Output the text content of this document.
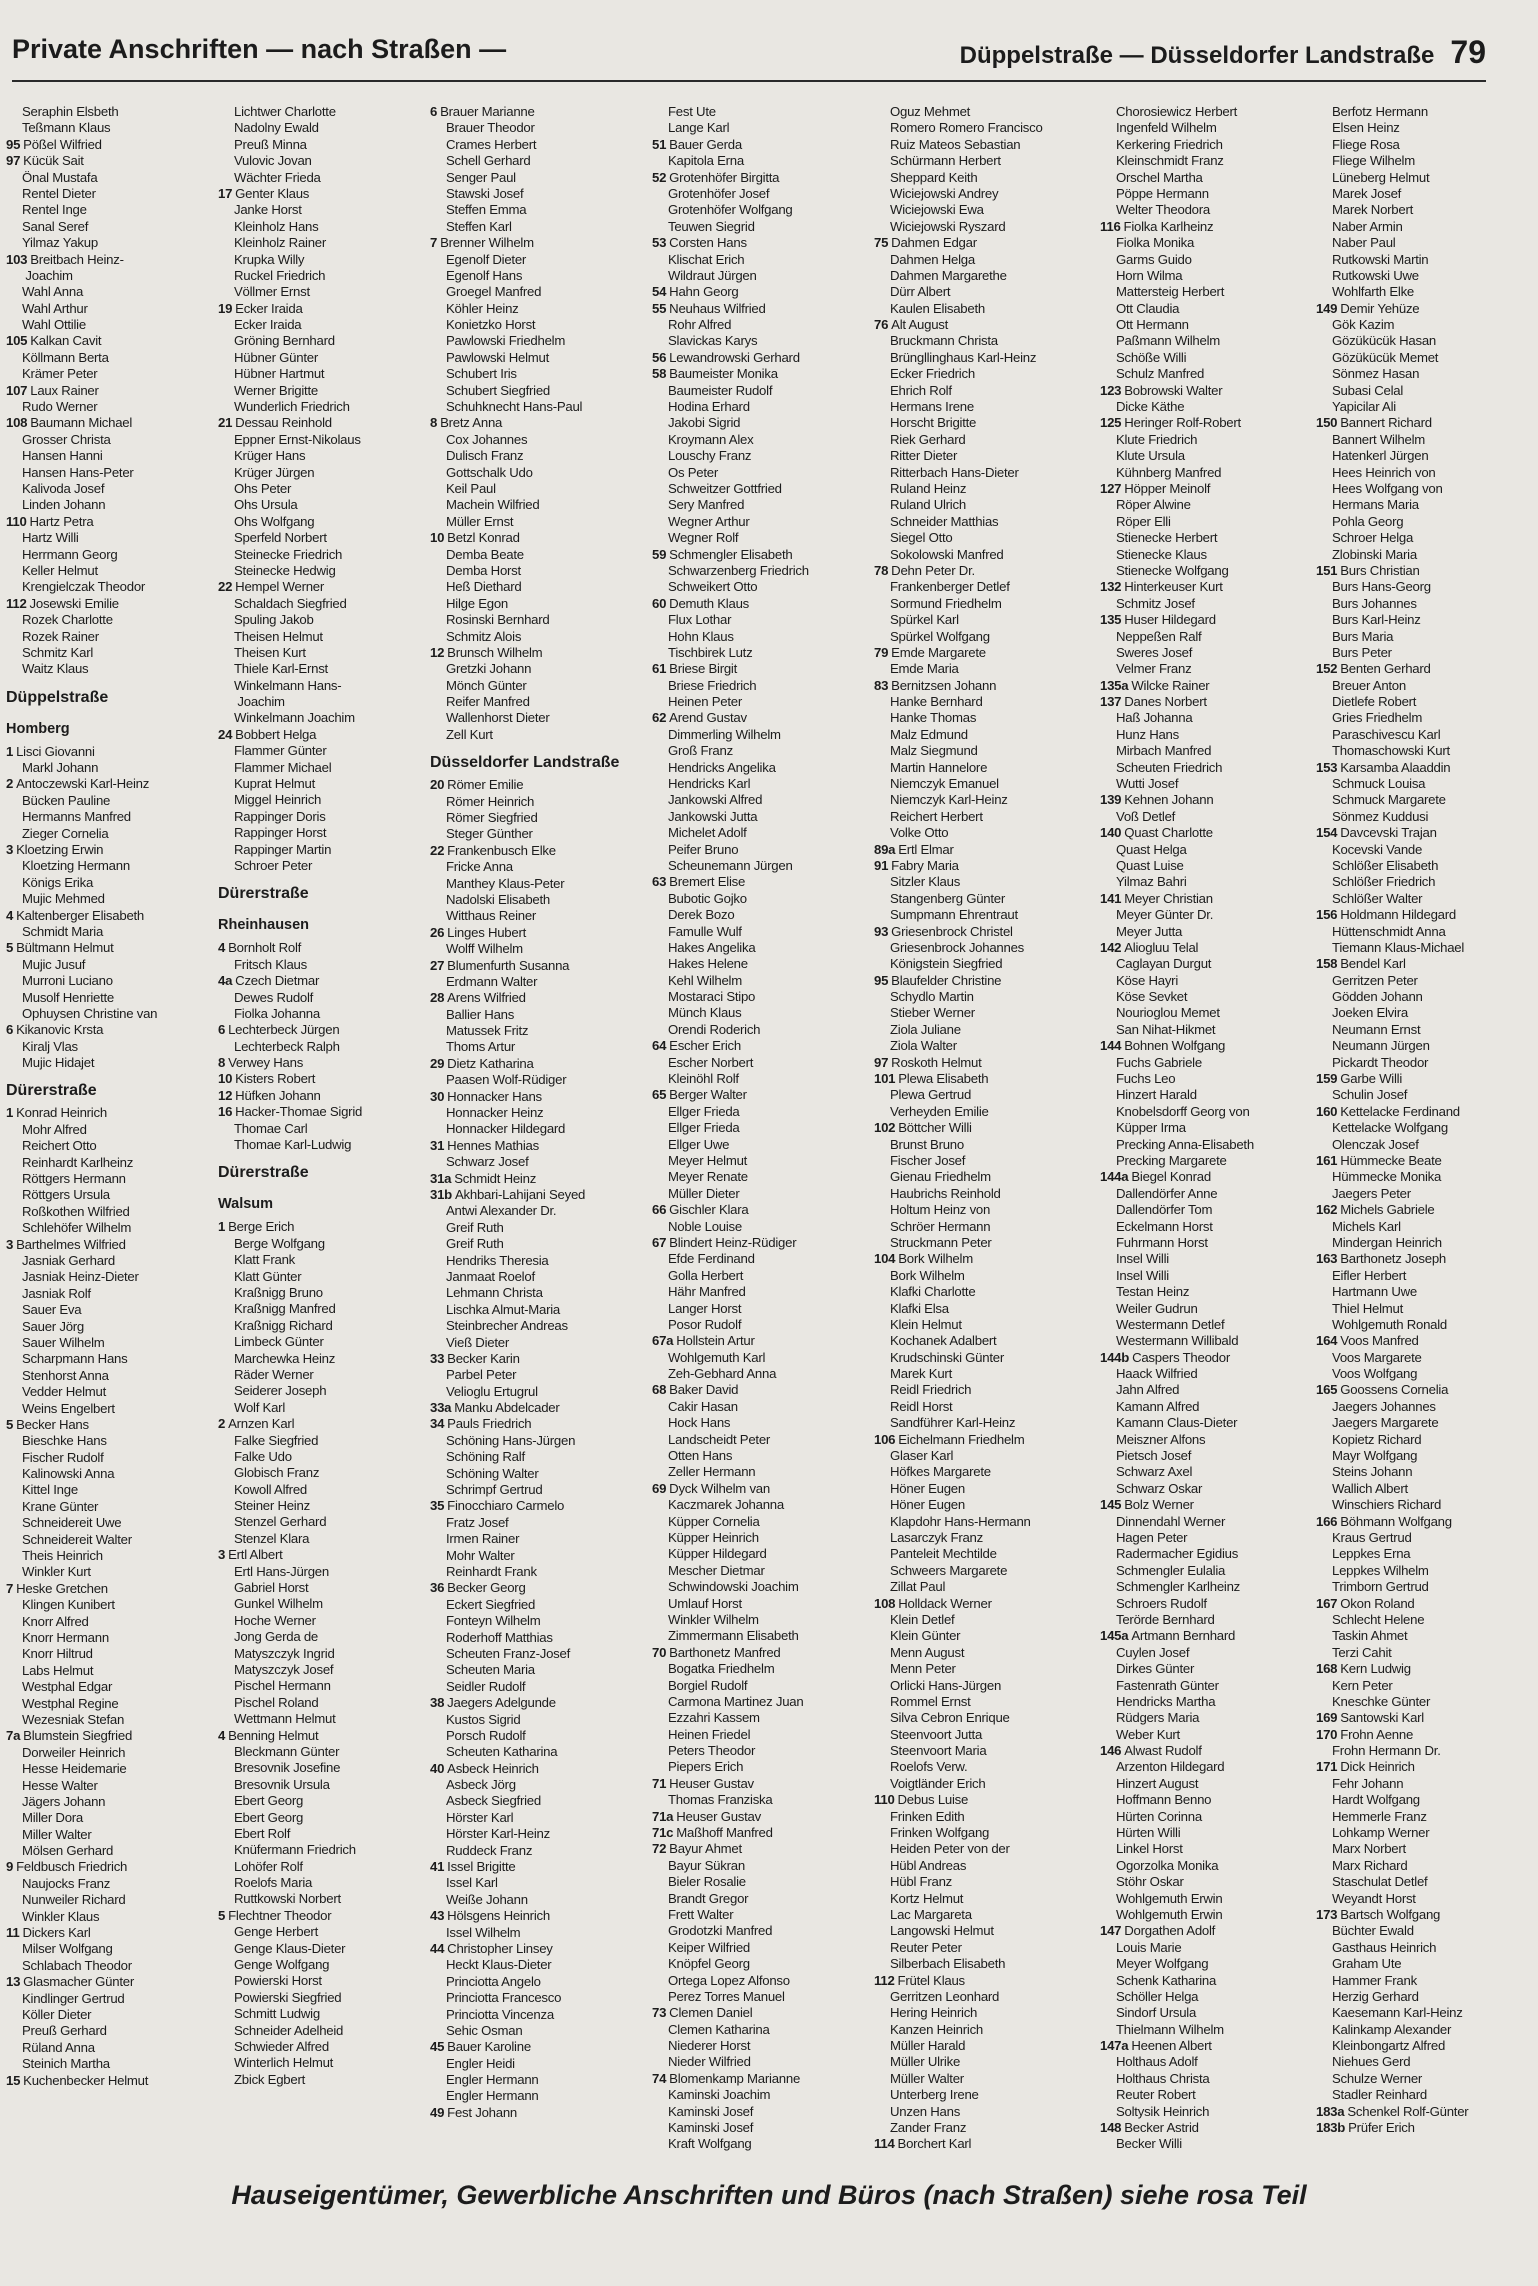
Private Anschriften — nach Straßen —	Düppelstraße — Düsseldorfer Landstraße 79
Seraphin Elsbeth
Teßmann Klaus
95 Pößel Wilfried
97 Kücük Sait
Önal Mustafa
Rentel Dieter
Rentel Inge
Sanal Seref
Yilmaz Yakup
103 Breitbach Heinz-
Joachim
Wahl Anna
Wahl Arthur
Wahl Ottilie
105 Kalkan Cavit
Köllmann Berta
Krämer Peter
107 Laux Rainer
Rudo Werner
108 Baumann Michael
Grosser Christa
Hansen Hanni
Hansen Hans-Peter
Kalivoda Josef
Linden Johann
110 Hartz Petra
Hartz Willi
Herrmann Georg
Keller Helmut
Krengielczak Theodor
112 Josewski Emilie
Rozek Charlotte
Rozek Rainer
Schmitz Karl
Waitz Klaus
Düppelstraße
Homberg
1 Lisci Giovanni
Markl Johann
2 Antoczewski Karl-Heinz
Bücken Pauline
Hermanns Manfred
Zieger Cornelia
3 Kloetzing Erwin
Kloetzing Hermann
Königs Erika
Mujic Mehmed
4 Kaltenberger Elisabeth
Schmidt Maria
5 Bültmann Helmut
Mujic Jusuf
Murroni Luciano
Musolf Henriette
Ophuysen Christine van
6 Kikanovic Krsta
Kiralj Vlas
Mujic Hidajet
Dürerstraße
1 Konrad Heinrich
Mohr Alfred
Reichert Otto
Reinhardt Karlheinz
Röttgers Hermann
Röttgers Ursula
Roßkothen Wilfried
Schlehöfer Wilhelm
3 Barthelmes Wilfried
Jasniak Gerhard
Jasniak Heinz-Dieter
Jasniak Rolf
Sauer Eva
Sauer Jörg
Sauer Wilhelm
Scharpmann Hans
Stenhorst Anna
Vedder Helmut
Weins Engelbert
5 Becker Hans
Bieschke Hans
Fischer Rudolf
Kalinowski Anna
Kittel Inge
Krane Günter
Schneidereit Uwe
Schneidereit Walter
Theis Heinrich
Winkler Kurt
7 Heske Gretchen
Klingen Kunibert
Knorr Alfred
Knorr Hermann
Knorr Hiltrud
Labs Helmut
Westphal Edgar
Westphal Regine
Wezesniak Stefan
7a Blumstein Siegfried
Dorweiler Heinrich
Hesse Heidemarie
Hesse Walter
Jägers Johann
Miller Dora
Miller Walter
Mölsen Gerhard
9 Feldbusch Friedrich
Naujocks Franz
Nunweiler Richard
Winkler Klaus
11 Dickers Karl
Milser Wolfgang
Schlabach Theodor
13 Glasmacher Günter
Kindlinger Gertrud
Köller Dieter
Preuß Gerhard
Rüland Anna
Steinich Martha
15 Kuchenbecker Helmut
Lichtwer Charlotte
Nadolny Ewald
Preuß Minna
Vulovic Jovan
Wächter Frieda
17 Genter Klaus
Janke Horst
Kleinholz Hans
Kleinholz Rainer
Krupka Willy
Ruckel Friedrich
Völlmer Ernst
19 Ecker Iraida
Ecker Iraida
Gröning Bernhard
Hübner Günter
Hübner Hartmut
Werner Brigitte
Wunderlich Friedrich
21 Dessau Reinhold
Eppner Ernst-Nikolaus
Krüger Hans
Krüger Jürgen
Ohs Peter
Ohs Ursula
Ohs Wolfgang
Sperfeld Norbert
Steinecke Friedrich
Steinecke Hedwig
22 Hempel Werner
Schaldach Siegfried
Spuling Jakob
Theisen Helmut
Theisen Kurt
Thiele Karl-Ernst
Winkelmann Hans-
Joachim
Winkelmann Joachim
24 Bobbert Helga
Flammer Günter
Flammer Michael
Kuprat Helmut
Miggel Heinrich
Rappinger Doris
Rappinger Horst
Rappinger Martin
Schroer Peter
Dürerstraße
Rheinhausen
4 Bornholt Rolf
Fritsch Klaus
4a Czech Dietmar
Dewes Rudolf
Fiolka Johanna
6 Lechterbeck Jürgen
Lechterbeck Ralph
8 Verwey Hans
10 Kisters Robert
12 Hüfken Johann
16 Hacker-Thomae Sigrid
Thomae Carl
Thomae Karl-Ludwig
Dürerstraße
Walsum
1 Berge Erich
Berge Wolfgang
Klatt Frank
Klatt Günter
Kraßnigg Bruno
Kraßnigg Manfred
Kraßnigg Richard
Limbeck Günter
Marchewka Heinz
Räder Werner
Seiderer Joseph
Wolf Karl
2 Arnzen Karl
Falke Siegfried
Falke Udo
Globisch Franz
Kowoll Alfred
Steiner Heinz
Stenzel Gerhard
Stenzel Klara
3 Ertl Albert
Ertl Hans-Jürgen
Gabriel Horst
Gunkel Wilhelm
Hoche Werner
Jong Gerda de
Matyszczyk Ingrid
Matyszczyk Josef
Pischel Hermann
Pischel Roland
Wettmann Helmut
4 Benning Helmut
Bleckmann Günter
Bresovnik Josefine
Bresovnik Ursula
Ebert Georg
Ebert Georg
Ebert Rolf
Knüfermann Friedrich
Lohöfer Rolf
Roelofs Maria
Ruttkowski Norbert
5 Flechtner Theodor
Genge Herbert
Genge Klaus-Dieter
Genge Wolfgang
Powierski Horst
Powierski Siegfried
Schmitt Ludwig
Schneider Adelheid
Schwieder Alfred
Winterlich Helmut
Zbick Egbert
6 Brauer Marianne
Brauer Theodor
Crames Herbert
Schell Gerhard
Senger Paul
Stawski Josef
Steffen Emma
Steffen Karl
7 Brenner Wilhelm
Egenolf Dieter
Egenolf Hans
Groegel Manfred
Köhler Heinz
Konietzko Horst
Pawlowski Friedhelm
Pawlowski Helmut
Schubert Iris
Schubert Siegfried
Schuhknecht Hans-Paul
8 Bretz Anna
Cox Johannes
Dulisch Franz
Gottschalk Udo
Keil Paul
Machein Wilfried
Müller Ernst
10 Betzl Konrad
Demba Beate
Demba Horst
Heß Diethard
Hilge Egon
Rosinski Bernhard
Schmitz Alois
12 Brunsch Wilhelm
Gretzki Johann
Mönch Günter
Reifer Manfred
Wallenhorst Dieter
Zell Kurt
Düsseldorfer Landstraße
20 Römer Emilie
Römer Heinrich
Römer Siegfried
Steger Günther
22 Frankenbusch Elke
Fricke Anna
Manthey Klaus-Peter
Nadolski Elisabeth
Witthaus Reiner
26 Linges Hubert
Wolff Wilhelm
27 Blumenfurth Susanna
Erdmann Walter
28 Arens Wilfried
Ballier Hans
Matussek Fritz
Thoms Artur
29 Dietz Katharina
Paasen Wolf-Rüdiger
30 Honnacker Hans
Honnacker Heinz
Honnacker Hildegard
31 Hennes Mathias
Schwarz Josef
31a Schmidt Heinz
31b Akhbari-Lahijani Seyed
Antwi Alexander Dr.
Greif Ruth
Greif Ruth
Hendriks Theresia
Janmaat Roelof
Lehmann Christa
Lischka Almut-Maria
Steinbrecher Andreas
Vieß Dieter
33 Becker Karin
Parbel Peter
Velioglu Ertugrul
33a Manku Abdelcader
34 Pauls Friedrich
Schöning Hans-Jürgen
Schöning Ralf
Schöning Walter
Schrimpf Gertrud
35 Finocchiaro Carmelo
Fratz Josef
Irmen Rainer
Mohr Walter
Reinhardt Frank
36 Becker Georg
Eckert Siegfried
Fonteyn Wilhelm
Roderhoff Matthias
Scheuten Franz-Josef
Scheuten Maria
Seidler Rudolf
38 Jaegers Adelgunde
Kustos Sigrid
Porsch Rudolf
Scheuten Katharina
40 Asbeck Heinrich
Asbeck Jörg
Asbeck Siegfried
Hörster Karl
Hörster Karl-Heinz
Ruddeck Franz
41 Issel Brigitte
Issel Karl
Weiße Johann
43 Hölsgens Heinrich
Issel Wilhelm
44 Christopher Linsey
Heckt Klaus-Dieter
Princiotta Angelo
Princiotta Francesco
Princiotta Vincenza
Sehic Osman
45 Bauer Karoline
Engler Heidi
Engler Hermann
Engler Hermann
49 Fest Johann
Fest Ute
Lange Karl
51 Bauer Gerda
Kapitola Erna
52 Grotenhöfer Birgitta
Grotenhöfer Josef
Grotenhöfer Wolfgang
Teuwen Siegrid
53 Corsten Hans
Klischat Erich
Wildraut Jürgen
54 Hahn Georg
55 Neuhaus Wilfried
Rohr Alfred
Slavickas Karys
56 Lewandrowski Gerhard
58 Baumeister Monika
Baumeister Rudolf
Hodina Erhard
Jakobi Sigrid
Kroymann Alex
Louschy Franz
Os Peter
Schweitzer Gottfried
Sery Manfred
Wegner Arthur
Wegner Rolf
59 Schmengler Elisabeth
Schwarzenberg Friedrich
Schweikert Otto
60 Demuth Klaus
Flux Lothar
Hohn Klaus
Tischbirek Lutz
61 Briese Birgit
Briese Friedrich
Heinen Peter
62 Arend Gustav
Dimmerling Wilhelm
Groß Franz
Hendricks Angelika
Hendricks Karl
Jankowski Alfred
Jankowski Jutta
Michelet Adolf
Peifer Bruno
Scheunemann Jürgen
63 Bremert Elise
Bubotic Gojko
Derek Bozo
Famulle Wulf
Hakes Angelika
Hakes Helene
Kehl Wilhelm
Mostaraci Stipo
Münch Klaus
Orendi Roderich
64 Escher Erich
Escher Norbert
Kleinöhl Rolf
65 Berger Walter
Ellger Frieda
Ellger Frieda
Ellger Uwe
Meyer Helmut
Meyer Renate
Müller Dieter
66 Gischler Klara
Noble Louise
67 Blindert Heinz-Rüdiger
Efde Ferdinand
Golla Herbert
Hähr Manfred
Langer Horst
Posor Rudolf
67a Hollstein Artur
Wohlgemuth Karl
Zeh-Gebhard Anna
68 Baker David
Cakir Hasan
Hock Hans
Landscheidt Peter
Otten Hans
Zeller Hermann
69 Dyck Wilhelm van
Kaczmarek Johanna
Küpper Cornelia
Küpper Heinrich
Küpper Hildegard
Mescher Dietmar
Schwindowski Joachim
Umlauf Horst
Winkler Wilhelm
Zimmermann Elisabeth
70 Barthonetz Manfred
Bogatka Friedhelm
Borgiel Rudolf
Carmona Martinez Juan
Ezzahri Kassem
Heinen Friedel
Peters Theodor
Piepers Erich
71 Heuser Gustav
Thomas Franziska
71a Heuser Gustav
71c Maßhoff Manfred
72 Bayur Ahmet
Bayur Sükran
Bieler Rosalie
Brandt Gregor
Frett Walter
Grodotzki Manfred
Keiper Wilfried
Knöpfel Georg
Ortega Lopez Alfonso
Perez Torres Manuel
73 Clemen Daniel
Clemen Katharina
Niederer Horst
Nieder Wilfried
74 Blomenkamp Marianne
Kaminski Joachim
Kaminski Josef
Kaminski Josef
Kraft Wolfgang
Oguz Mehmet
Romero Romero Francisco
Ruiz Mateos Sebastian
Schürmann Herbert
Sheppard Keith
Wiciejowski Andrey
Wiciejowski Ewa
Wiciejowski Ryszard
75 Dahmen Edgar
Dahmen Helga
Dahmen Margarethe
Dürr Albert
Kaulen Elisabeth
76 Alt August
Bruckmann Christa
Brüngllinghaus Karl-Heinz
Ecker Friedrich
Ehrich Rolf
Hermans Irene
Horscht Brigitte
Riek Gerhard
Ritter Dieter
Ritterbach Hans-Dieter
Ruland Heinz
Ruland Ulrich
Schneider Matthias
Siegel Otto
Sokolowski Manfred
78 Dehn Peter Dr.
Frankenberger Detlef
Sormund Friedhelm
Spürkel Karl
Spürkel Wolfgang
79 Emde Margarete
Emde Maria
83 Bernitzsen Johann
Hanke Bernhard
Hanke Thomas
Malz Edmund
Malz Siegmund
Martin Hannelore
Niemczyk Emanuel
Niemczyk Karl-Heinz
Reichert Herbert
Volke Otto
89a Ertl Elmar
91 Fabry Maria
Sitzler Klaus
Stangenberg Günter
Sumpmann Ehrentraut
93 Griesenbrock Christel
Griesenbrock Johannes
Königstein Siegfried
95 Blaufelder Christine
Schydlo Martin
Stieber Werner
Ziola Juliane
Ziola Walter
97 Roskoth Helmut
101 Plewa Elisabeth
Plewa Gertrud
Verheyden Emilie
102 Böttcher Willi
Brunst Bruno
Fischer Josef
Gienau Friedhelm
Haubrichs Reinhold
Holtum Heinz von
Schröer Hermann
Struckmann Peter
104 Bork Wilhelm
Bork Wilhelm
Klafki Charlotte
Klafki Elsa
Klein Helmut
Kochanek Adalbert
Krudschinski Günter
Marek Kurt
Reidl Friedrich
Reidl Horst
Sandführer Karl-Heinz
106 Eichelmann Friedhelm
Glaser Karl
Höfkes Margarete
Höner Eugen
Höner Eugen
Klapdohr Hans-Hermann
Lasarczyk Franz
Panteleit Mechtilde
Schweers Margarete
Zillat Paul
108 Holldack Werner
Klein Detlef
Klein Günter
Menn August
Menn Peter
Orlicki Hans-Jürgen
Rommel Ernst
Silva Cebron Enrique
Steenvoort Jutta
Steenvoort Maria
Roelofs Verw.
Voigtländer Erich
110 Debus Luise
Frinken Edith
Frinken Wolfgang
Heiden Peter von der
Hübl Andreas
Hübl Franz
Kortz Helmut
Lac Margareta
Langowski Helmut
Reuter Peter
Silberbach Elisabeth
112 Frütel Klaus
Gerritzen Leonhard
Hering Heinrich
Kanzen Heinrich
Müller Harald
Müller Ulrike
Müller Walter
Unterberg Irene
Unzen Hans
Zander Franz
114 Borchert Karl
Chorosiewicz Herbert
Ingenfeld Wilhelm
Kerkering Friedrich
Kleinschmidt Franz
Orschel Martha
Pöppe Hermann
Welter Theodora
116 Fiolka Karlheinz
Fiolka Monika
Garms Guido
Horn Wilma
Mattersteig Herbert
Ott Claudia
Ott Hermann
Paßmann Wilhelm
Schöße Willi
Schulz Manfred
123 Bobrowski Walter
Dicke Käthe
125 Heringer Rolf-Robert
Klute Friedrich
Klute Ursula
Kühnberg Manfred
127 Höpper Meinolf
Röper Alwine
Röper Elli
Stienecke Herbert
Stienecke Klaus
Stienecke Wolfgang
132 Hinterkeuser Kurt
Schmitz Josef
135 Huser Hildegard
Neppeßen Ralf
Sweres Josef
Velmer Franz
135a Wilcke Rainer
137 Danes Norbert
Haß Johanna
Hunz Hans
Mirbach Manfred
Scheuten Friedrich
Wutti Josef
139 Kehnen Johann
Voß Detlef
140 Quast Charlotte
Quast Helga
Quast Luise
Yilmaz Bahri
141 Meyer Christian
Meyer Günter Dr.
Meyer Jutta
142 Aliogluu Telal
Caglayan Durgut
Köse Hayri
Köse Sevket
Nourioglou Memet
San Nihat-Hikmet
144 Bohnen Wolfgang
Fuchs Gabriele
Fuchs Leo
Hinzert Harald
Knobelsdorff Georg von
Küpper Irma
Precking Anna-Elisabeth
Precking Margarete
144a Biegel Konrad
Dallendörfer Anne
Dallendörfer Tom
Eckelmann Horst
Fuhrmann Horst
Insel Willi
Insel Willi
Testan Heinz
Weiler Gudrun
Westermann Detlef
Westermann Willibald
144b Caspers Theodor
Haack Wilfried
Jahn Alfred
Kamann Alfred
Kamann Claus-Dieter
Meiszner Alfons
Pietsch Josef
Schwarz Axel
Schwarz Oskar
145 Bolz Werner
Dinnendahl Werner
Hagen Peter
Radermacher Egidius
Schmengler Eulalia
Schmengler Karlheinz
Schroers Rudolf
Terörde Bernhard
145a Artmann Bernhard
Cuylen Josef
Dirkes Günter
Fastenrath Günter
Hendricks Martha
Rüdgers Maria
Weber Kurt
146 Alwast Rudolf
Arzenton Hildegard
Hinzert August
Hoffmann Benno
Hürten Corinna
Hürten Willi
Linkel Horst
Ogorzolka Monika
Stöhr Oskar
Wohlgemuth Erwin
Wohlgemuth Erwin
147 Dorgathen Adolf
Louis Marie
Meyer Wolfgang
Schenk Katharina
Schöller Helga
Sindorf Ursula
Thielmann Wilhelm
147a Heenen Albert
Holthaus Adolf
Holthaus Christa
Reuter Robert
Soltysik Heinrich
148 Becker Astrid
Becker Willi
Berfotz Hermann
Elsen Heinz
Fliege Rosa
Fliege Wilhelm
Lüneberg Helmut
Marek Josef
Marek Norbert
Naber Armin
Naber Paul
Rutkowski Martin
Rutkowski Uwe
Wohlfarth Elke
149 Demir Yehüze
Gök Kazim
Gözükücük Hasan
Gözükücük Memet
Sönmez Hasan
Subasi Celal
Yapicilar Ali
150 Bannert Richard
Bannert Wilhelm
Hatenkerl Jürgen
Hees Heinrich von
Hees Wolfgang von
Hermans Maria
Pohla Georg
Schroer Helga
Zlobinski Maria
151 Burs Christian
Burs Hans-Georg
Burs Johannes
Burs Karl-Heinz
Burs Maria
Burs Peter
152 Benten Gerhard
Breuer Anton
Dietlefe Robert
Gries Friedhelm
Paraschivescu Karl
Thomaschowski Kurt
153 Karsamba Alaaddin
Schmuck Louisa
Schmuck Margarete
Sönmez Kuddusi
154 Davcevski Trajan
Kocevski Vande
Schlößer Elisabeth
Schlößer Friedrich
Schlößer Walter
156 Holdmann Hildegard
Hüttenschmidt Anna
Tiemann Klaus-Michael
158 Bendel Karl
Gerritzen Peter
Gödden Johann
Joeken Elvira
Neumann Ernst
Neumann Jürgen
Pickardt Theodor
159 Garbe Willi
Schulin Josef
160 Kettelacke Ferdinand
Kettelacke Wolfgang
Olenczak Josef
161 Hümmecke Beate
Hümmecke Monika
Jaegers Peter
162 Michels Gabriele
Michels Karl
Mindergan Heinrich
163 Barthonetz Joseph
Eifler Herbert
Hartmann Uwe
Thiel Helmut
Wohlgemuth Ronald
164 Voos Manfred
Voos Margarete
Voos Wolfgang
165 Goossens Cornelia
Jaegers Johannes
Jaegers Margarete
Kopietz Richard
Mayr Wolfgang
Steins Johann
Wallich Albert
Winschiers Richard
166 Böhmann Wolfgang
Kraus Gertrud
Leppkes Erna
Leppkes Wilhelm
Trimborn Gertrud
167 Okon Roland
Schlecht Helene
Taskin Ahmet
Terzi Cahit
168 Kern Ludwig
Kern Peter
Kneschke Günter
169 Santowski Karl
170 Frohn Aenne
Frohn Hermann Dr.
171 Dick Heinrich
Fehr Johann
Hardt Wolfgang
Hemmerle Franz
Lohkamp Werner
Marx Norbert
Marx Richard
Staschulat Detlef
Weyandt Horst
173 Bartsch Wolfgang
Büchter Ewald
Gasthaus Heinrich
Graham Ute
Hammer Frank
Herzig Gerhard
Kaesemann Karl-Heinz
Kalinkamp Alexander
Kleinbongartz Alfred
Niehues Gerd
Schulze Werner
Stadler Reinhard
183a Schenkel Rolf-Günter
183b Prüfer Erich
Hauseigentümer, Gewerbliche Anschriften und Büros (nach Straßen) siehe rosa Teil
